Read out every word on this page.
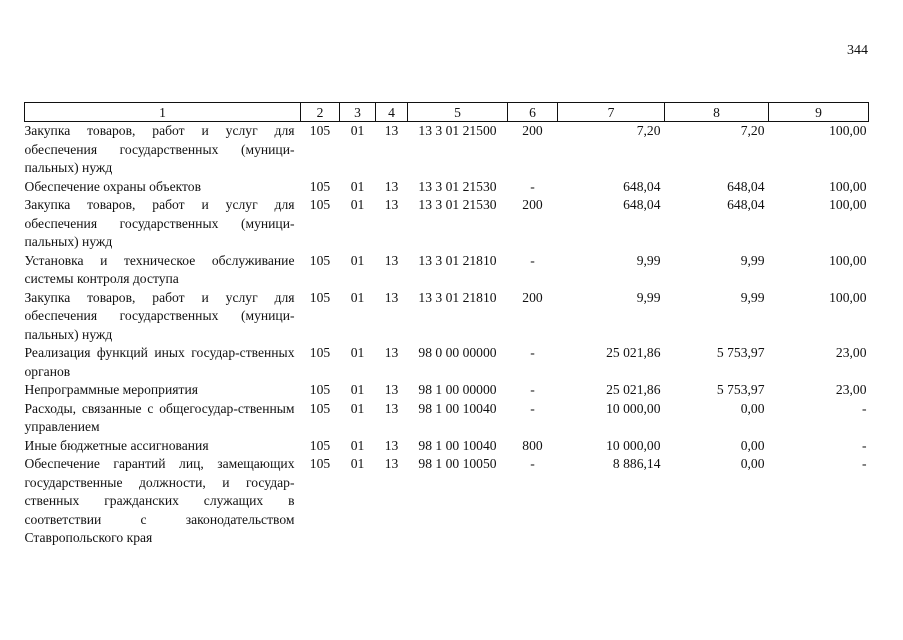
344
1	2	3	4	5	6	7	8	9
Закупка товаров, работ и услуг для обеспечения государственных (муници-пальных) нужд	105	01	13	13 3 01 21500	200	7,20	7,20	100,00
Обеспечение охраны объектов	105	01	13	13 3 01 21530	-	648,04	648,04	100,00
Закупка товаров, работ и услуг для обеспечения государственных (муници-пальных) нужд	105	01	13	13 3 01 21530	200	648,04	648,04	100,00
Установка и техническое обслуживание системы контроля доступа	105	01	13	13 3 01 21810	-	9,99	9,99	100,00
Закупка товаров, работ и услуг для обеспечения государственных (муници-пальных) нужд	105	01	13	13 3 01 21810	200	9,99	9,99	100,00
Реализация функций иных государ-ственных органов	105	01	13	98 0 00 00000	-	25 021,86	5 753,97	23,00
Непрограммные мероприятия	105	01	13	98 1 00 00000	-	25 021,86	5 753,97	23,00
Расходы, связанные с общегосудар-ственным управлением	105	01	13	98 1 00 10040	-	10 000,00	0,00	-
Иные бюджетные ассигнования	105	01	13	98 1 00 10040	800	10 000,00	0,00	-
Обеспечение гарантий лиц, замещающих государственные должности, и государ-ственных гражданских служащих в соответствии с законодательством Ставропольского края	105	01	13	98 1 00 10050	-	8 886,14	0,00	-
